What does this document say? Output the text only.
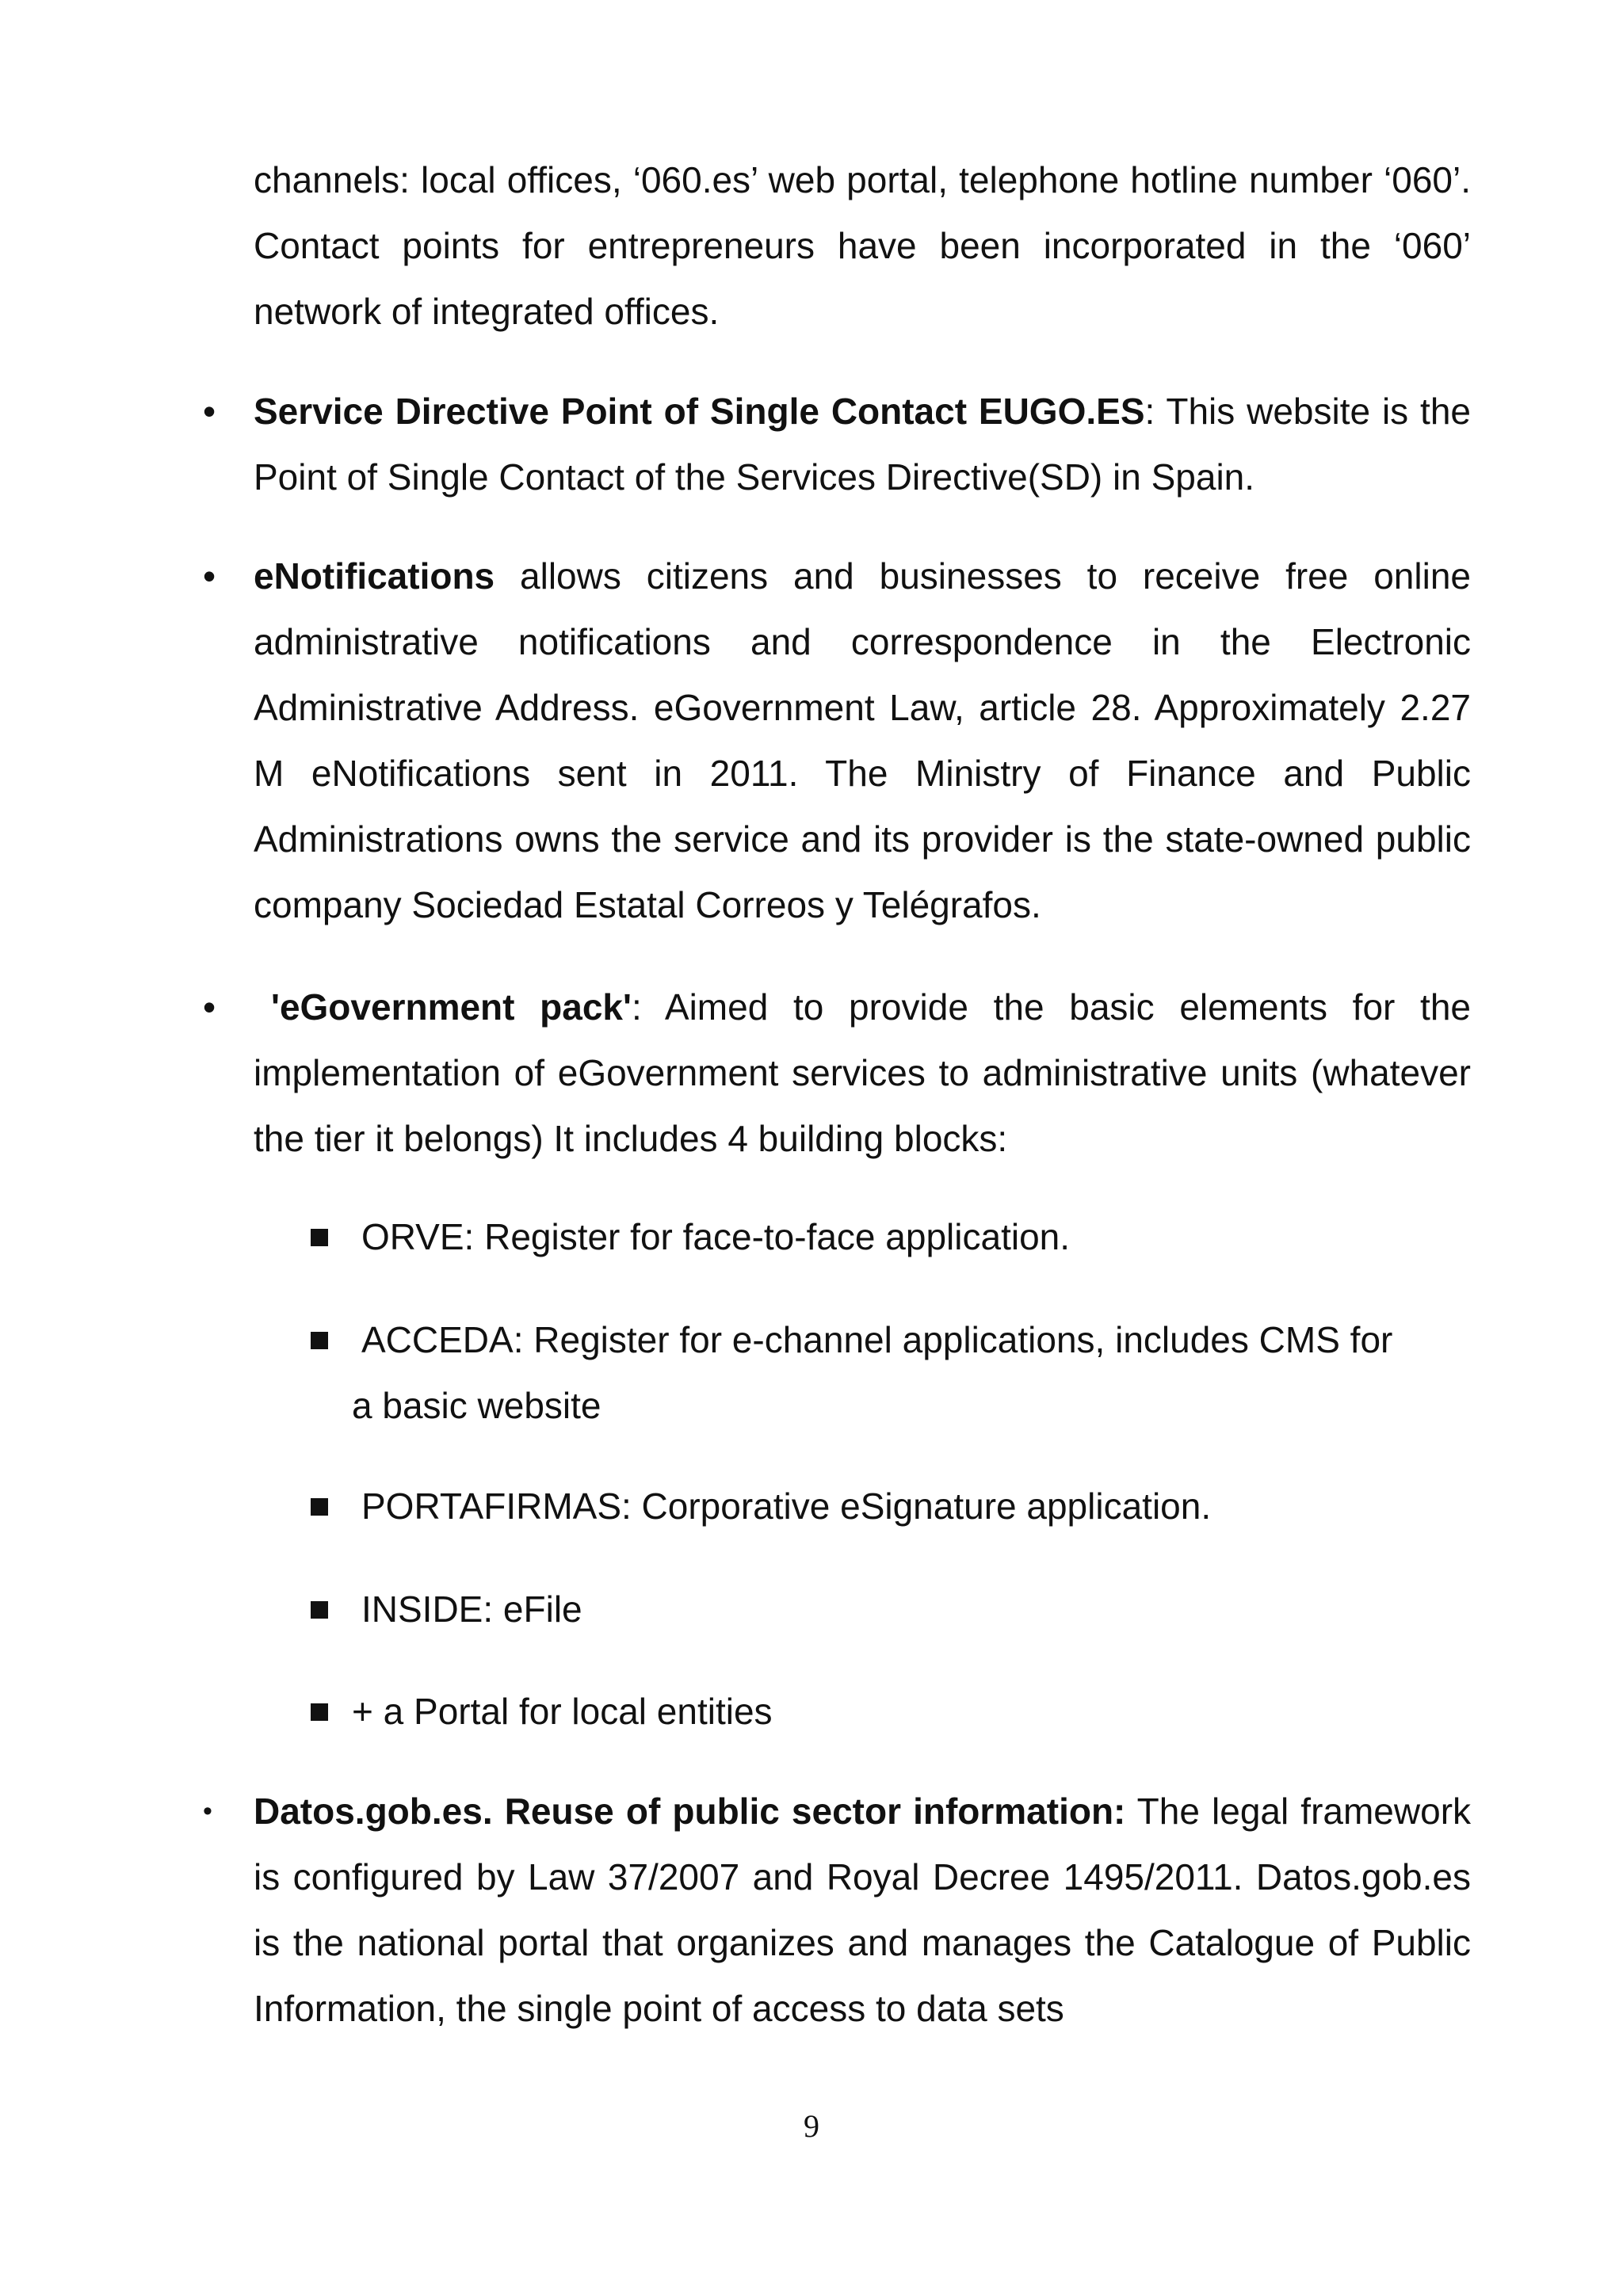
channels: local offices, ‘060.es’ web portal, telephone hotline number ‘060’. Contact points for entrepreneurs have been incorporated in the ‘060’ network of integrated offices.

• Service Directive Point of Single Contact EUGO.ES: This website is the Point of Single Contact of the Services Directive(SD) in Spain.

• eNotifications allows citizens and businesses to receive free online administrative notifications and correspondence in the Electronic Administrative Address. eGovernment Law, article 28. Approximately 2.27 M eNotifications sent in 2011. The Ministry of Finance and Public Administrations owns the service and its provider is the state-owned public company Sociedad Estatal Correos y Telégrafos.

•	'eGovernment pack': Aimed to provide the basic elements for the implementation of eGovernment services to administrative units (whatever the tier it belongs) It includes 4 building blocks:

ORVE: Register for face-to-face application.
ACCEDA: Register for e-channel applications, includes CMS for
a basic website
PORTAFIRMAS: Corporative eSignature application.
INSIDE: eFile
+ a Portal for local entities
• Datos.gob.es. Reuse of public sector information: The legal framework is configured by Law 37/2007 and Royal Decree 1495/2011. Datos.gob.es is the national portal that organizes and manages the Catalogue of Public Information, the single point of access to data sets

9
